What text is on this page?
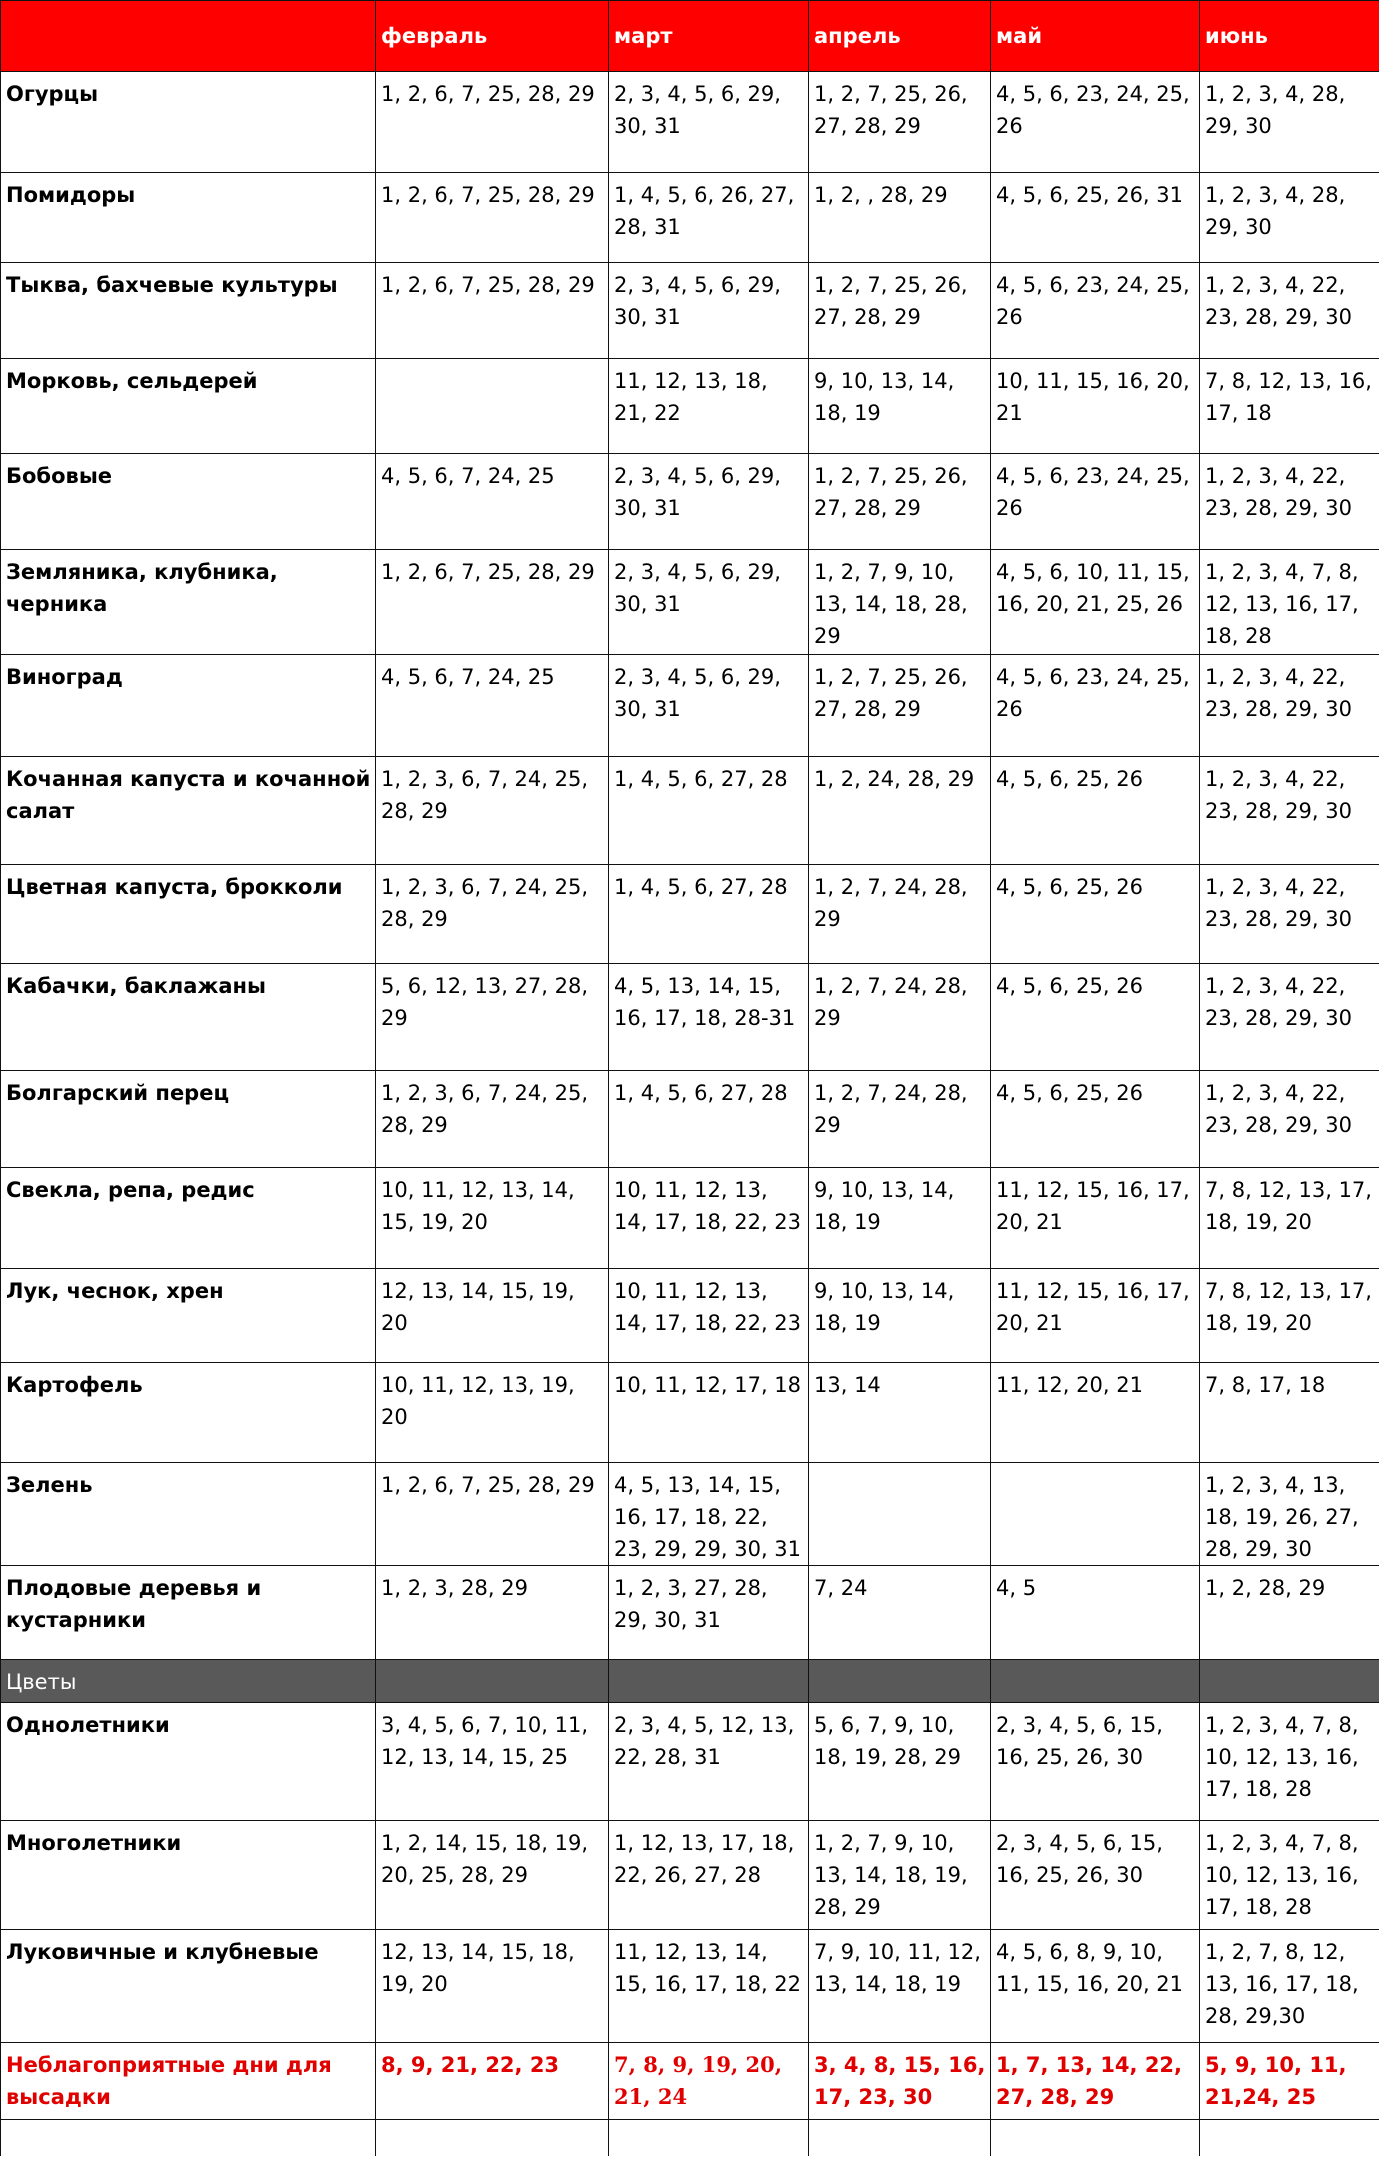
	февраль	март	апрель	май	июнь
Огурцы	1, 2, 6, 7, 25, 28, 29	2, 3, 4, 5, 6, 29, 30, 31	1, 2, 7, 25, 26, 27, 28, 29	4, 5, 6, 23, 24, 25, 26	1, 2, 3, 4, 28, 29, 30
Помидоры	1, 2, 6, 7, 25, 28, 29	1, 4, 5, 6, 26, 27, 28, 31	1, 2, , 28, 29	4, 5, 6, 25, 26, 31	1, 2, 3, 4, 28, 29, 30
Тыква, бахчевые культуры	1, 2, 6, 7, 25, 28, 29	2, 3, 4, 5, 6, 29, 30, 31	1, 2, 7, 25, 26, 27, 28, 29	4, 5, 6, 23, 24, 25, 26	1, 2, 3, 4, 22, 23, 28, 29, 30
Морковь, сельдерей		11, 12, 13, 18, 21, 22	9, 10, 13, 14, 18, 19	10, 11, 15, 16, 20, 21	7, 8, 12, 13, 16, 17, 18
Бобовые	4, 5, 6, 7, 24, 25	2, 3, 4, 5, 6, 29, 30, 31	1, 2, 7, 25, 26, 27, 28, 29	4, 5, 6, 23, 24, 25, 26	1, 2, 3, 4, 22, 23, 28, 29, 30
Земляника, клубника, черника	1, 2, 6, 7, 25, 28, 29	2, 3, 4, 5, 6, 29, 30, 31	1, 2, 7, 9, 10, 13, 14, 18, 28, 29	4, 5, 6, 10, 11, 15, 16, 20, 21, 25, 26	1, 2, 3, 4, 7, 8, 12, 13, 16, 17, 18, 28
Виноград	4, 5, 6, 7, 24, 25	2, 3, 4, 5, 6, 29, 30, 31	1, 2, 7, 25, 26, 27, 28, 29	4, 5, 6, 23, 24, 25, 26	1, 2, 3, 4, 22, 23, 28, 29, 30
Кочанная капуста и кочанной салат	1, 2, 3, 6, 7, 24, 25, 28, 29	1, 4, 5, 6, 27, 28	1, 2, 24, 28, 29	4, 5, 6, 25, 26	1, 2, 3, 4, 22, 23, 28, 29, 30
Цветная капуста, брокколи	1, 2, 3, 6, 7, 24, 25, 28, 29	1, 4, 5, 6, 27, 28	1, 2, 7, 24, 28, 29	4, 5, 6, 25, 26	1, 2, 3, 4, 22, 23, 28, 29, 30
Кабачки, баклажаны	5, 6, 12, 13, 27, 28, 29	4, 5, 13, 14, 15, 16, 17, 18, 28-31	1, 2, 7, 24, 28, 29	4, 5, 6, 25, 26	1, 2, 3, 4, 22, 23, 28, 29, 30
Болгарский перец	1, 2, 3, 6, 7, 24, 25, 28, 29	1, 4, 5, 6, 27, 28	1, 2, 7, 24, 28, 29	4, 5, 6, 25, 26	1, 2, 3, 4, 22, 23, 28, 29, 30
Свекла, репа, редис	10, 11, 12, 13, 14, 15, 19, 20	10, 11, 12, 13, 14, 17, 18, 22, 23	9, 10, 13, 14, 18, 19	11, 12, 15, 16, 17, 20, 21	7, 8, 12, 13, 17, 18, 19, 20
Лук, чеснок, хрен	12, 13, 14, 15, 19, 20	10, 11, 12, 13, 14, 17, 18, 22, 23	9, 10, 13, 14, 18, 19	11, 12, 15, 16, 17, 20, 21	7, 8, 12, 13, 17, 18, 19, 20
Картофель	10, 11, 12, 13, 19, 20	10, 11, 12, 17, 18	13, 14	11, 12, 20, 21	7, 8, 17, 18
Зелень	1, 2, 6, 7, 25, 28, 29	4, 5, 13, 14, 15, 16, 17, 18, 22, 23, 29, 29, 30, 31			1, 2, 3, 4, 13, 18, 19, 26, 27, 28, 29, 30
Плодовые деревья и кустарники	1, 2, 3, 28, 29	1, 2, 3, 27, 28, 29, 30, 31	7, 24	4, 5	1, 2, 28, 29
Цветы					
Однолетники	3, 4, 5, 6, 7, 10, 11, 12, 13, 14, 15, 25	2, 3, 4, 5, 12, 13, 22, 28, 31	5, 6, 7, 9, 10, 18, 19, 28, 29	2, 3, 4, 5, 6, 15, 16, 25, 26, 30	1, 2, 3, 4, 7, 8, 10, 12, 13, 16, 17, 18, 28
Многолетники	1, 2, 14, 15, 18, 19, 20, 25, 28, 29	1, 12, 13, 17, 18, 22, 26, 27, 28	1, 2, 7, 9, 10, 13, 14, 18, 19, 28, 29	2, 3, 4, 5, 6, 15, 16, 25, 26, 30	1, 2, 3, 4, 7, 8, 10, 12, 13, 16, 17, 18, 28
Луковичные и клубневые	12, 13, 14, 15, 18, 19, 20	11, 12, 13, 14, 15, 16, 17, 18, 22	7, 9, 10, 11, 12, 13, 14, 18, 19	4, 5, 6, 8, 9, 10, 11, 15, 16, 20, 21	1, 2, 7, 8, 12, 13, 16, 17, 18, 28, 29,30
Неблагоприятные дни для высадки	8, 9, 21, 22, 23	7, 8, 9, 19, 20, 21, 24	3, 4, 8, 15, 16, 17, 23, 30	1, 7, 13, 14, 22, 27, 28, 29	5, 9, 10, 11, 21,24, 25
